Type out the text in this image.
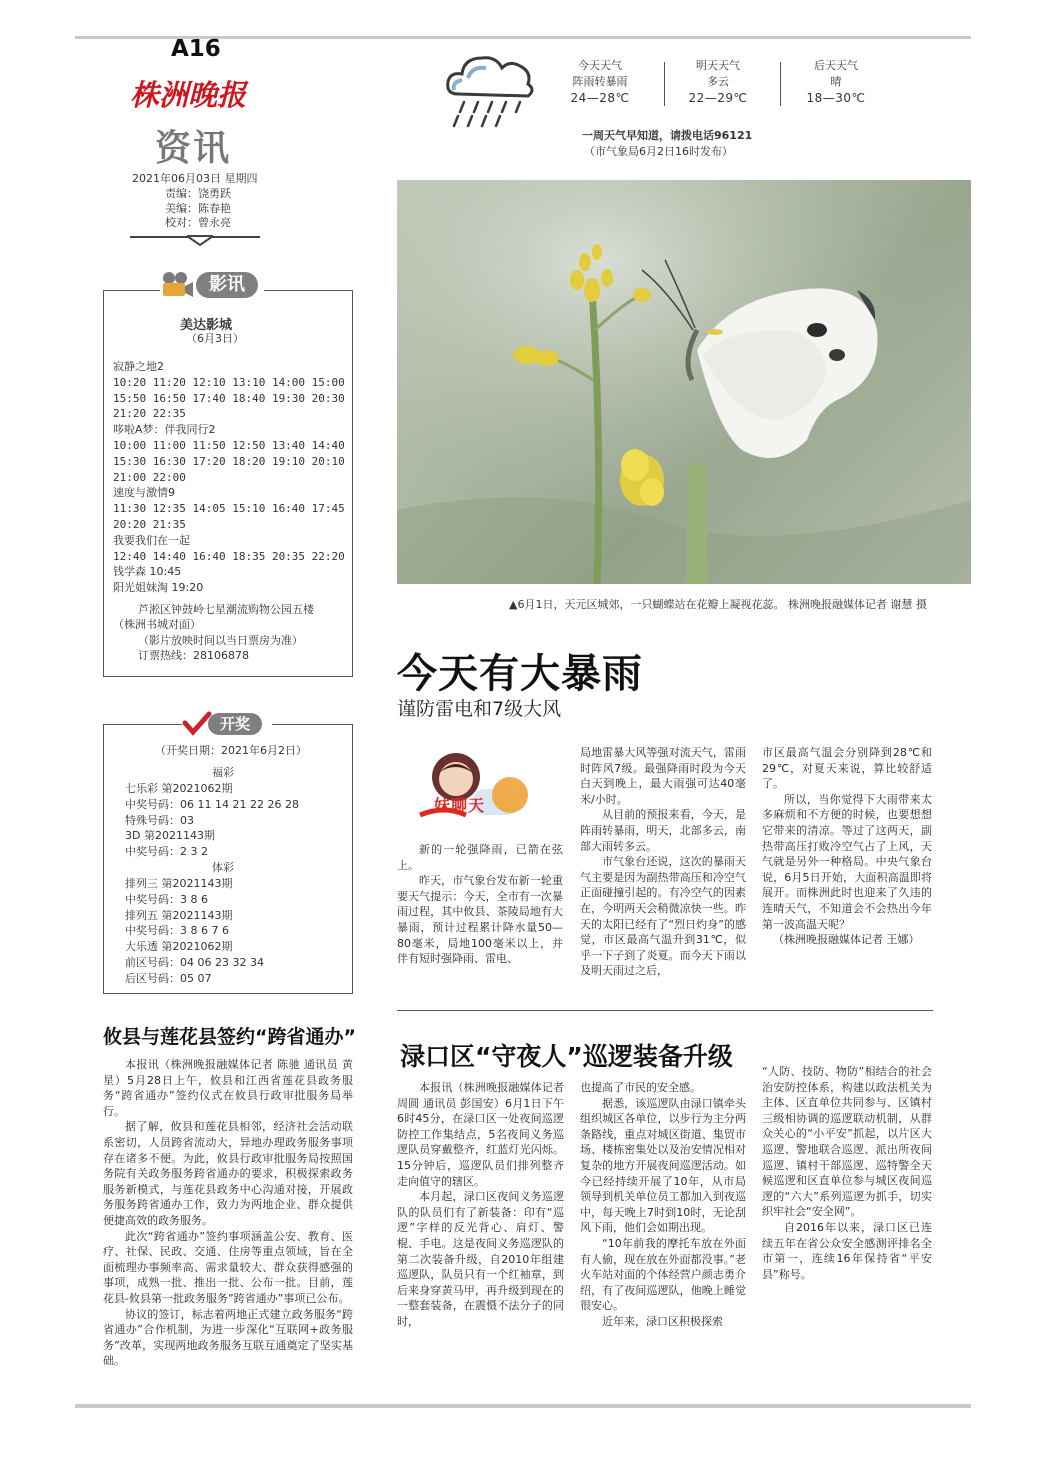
A16
株洲晚报
资讯
2021年06月03日 星期四
责编：饶勇跃
美编：陈春艳
校对：曾永亮
今天天气
阵雨转暴雨
24—28℃
明天天气
多云
22—29℃
后天天气
晴
18—30℃
一周天气早知道，请拨电话96121
（市气象局6月2日16时发布）
▲6月1日，天元区城郊，一只蝴蝶站在花瓣上凝视花蕊。 株洲晚报融媒体记者 谢慧 摄
影讯
美达影城
（6月3日）
寂静之地2
10:20 11:20 12:10 13:10 14:00 15:00
15:50 16:50 17:40 18:40 19:30 20:30
21:20 22:35
哆啦A梦：伴我同行2
10:00 11:00 11:50 12:50 13:40 14:40
15:30 16:30 17:20 18:20 19:10 20:10
21:00 22:00
速度与激情9
11:30 12:35 14:05 15:10 16:40 17:45
20:20 21:35
我要我们在一起
12:40 14:40 16:40 18:35 20:35 22:20
钱学森 10:45
阳光姐妹淘 19:20
芦淞区钟鼓岭七星潮流购物公园五楼
（株洲书城对面）
（影片放映时间以当日票房为准）
订票热线：28106878
开奖
（开奖日期：2021年6月2日）
福彩
七乐彩 第2021062期
中奖号码：06 11 14 21 22 26 28
特殊号码：03
3D 第2021143期
中奖号码：2 3 2
体彩
排列三 第2021143期
中奖号码：3 8 6
排列五 第2021143期
中奖号码：3 8 6 7 6
大乐透 第2021062期
前区号码：04 06 23 32 34
后区号码：05 07
今天有大暴雨
谨防雷电和7级大风
妹聊天

新的一轮强降雨，已箭在弦上。

昨天，市气象台发布新一轮重要天气提示：今天，全市有一次暴雨过程，其中攸县、茶陵局地有大暴雨，预计过程累计降水量50—80毫米，局地100毫米以上，并伴有短时强降雨、雷电、

局地雷暴大风等强对流天气，雷雨时阵风7级。最强降雨时段为今天白天到晚上，最大雨强可达40毫米/小时。

从目前的预报来看，今天，是阵雨转暴雨，明天，北部多云，南部大雨转多云。

市气象台还说，这次的暴雨天气主要是因为副热带高压和冷空气正面碰撞引起的。有冷空气的因素在，今明两天会稍微凉快一些。昨天的太阳已经有了“烈日灼身”的感觉，市区最高气温升到31℃，似乎一下子到了炎夏。而今天下雨以及明天雨过之后，

市区最高气温会分别降到28℃和29℃，对夏天来说，算比较舒适了。

所以，当你觉得下大雨带来太多麻烦和不方便的时候，也要想想它带来的清凉。等过了这两天，副热带高压打败冷空气占了上风，天气就是另外一种格局。中央气象台说，6月5日开始，大面积高温即将展开。而株洲此时也迎来了久违的连晴天气，不知道会不会热出今年第一波高温天呢？

（株洲晚报融媒体记者 王娜）

攸县与莲花县签约“跨省通办”

本报讯（株洲晚报融媒体记者 陈驰 通讯员 黄星）5月28日上午，攸县和江西省莲花县政务服务“跨省通办”签约仪式在攸县行政审批服务局举行。

据了解，攸县和莲花县相邻，经济社会活动联系密切，人员跨省流动大，异地办理政务服务事项存在诸多不便。为此，攸县行政审批服务局按照国务院有关政务服务跨省通办的要求，积极探索政务服务新模式，与莲花县政务中心沟通对接，开展政务服务跨省通办工作，致力为两地企业、群众提供便捷高效的政务服务。

此次“跨省通办”签约事项涵盖公安、教育、医疗、社保、民政、交通、住房等重点领域，旨在全面梳理办事频率高、需求量较大、群众获得感强的事项，成熟一批、推出一批、公布一批。目前，莲花县-攸县第一批政务服务”跨省通办”事项已公布。

协议的签订，标志着两地正式建立政务服务“跨省通办”合作机制，为进一步深化“互联网+政务服务”改革，实现两地政务服务互联互通奠定了坚实基础。

渌口区“守夜人”巡逻装备升级

本报讯（株洲晚报融媒体记者 周圆 通讯员 彭国安）6月1日下午6时45分，在渌口区一处夜间巡逻防控工作集结点，5名夜间义务巡逻队员穿戴整齐，红蓝灯光闪烁。15分钟后，巡逻队员们排列整齐走向值守的辖区。

本月起，渌口区夜间义务巡逻队的队员们有了新装备：印有“巡逻”字样的反光背心、肩灯、警棍、手电。这是夜间义务巡逻队的第二次装备升级，自2010年组建巡逻队，队员只有一个红袖章，到后来身穿黄马甲，再升级到现在的一整套装备，在震慑不法分子的同时，

也提高了市民的安全感。

据悉，该巡逻队由渌口镇牵头组织城区各单位，以步行为主分两条路线，重点对城区街道、集贸市场、楼栋密集处以及治安情况相对复杂的地方开展夜间巡逻活动。如今已经持续开展了10年，从市局领导到机关单位员工都加入到夜巡中，每天晚上7时到10时，无论刮风下雨，他们会如期出现。

“10年前我的摩托车放在外面有人偷，现在放在外面都没事。”老火车站对面的个体经营户颜志勇介绍，有了夜间巡逻队，他晚上睡觉很安心。

近年来，渌口区积极探索

“人防、技防、物防”相结合的社会治安防控体系，构建以政法机关为主体、区直单位共同参与、区镇村三级相协调的巡逻联动机制，从群众关心的“小平安”抓起，以片区大巡逻、警地联合巡逻、派出所夜间巡逻、镇村干部巡逻、巡特警全天候巡逻和区直单位参与城区夜间巡逻的“六大”系列巡逻为抓手，切实织牢社会“安全网”。

自2016年以来，渌口区已连续五年在省公众安全感测评排名全市第一，连续16年保持省“平安县”称号。
